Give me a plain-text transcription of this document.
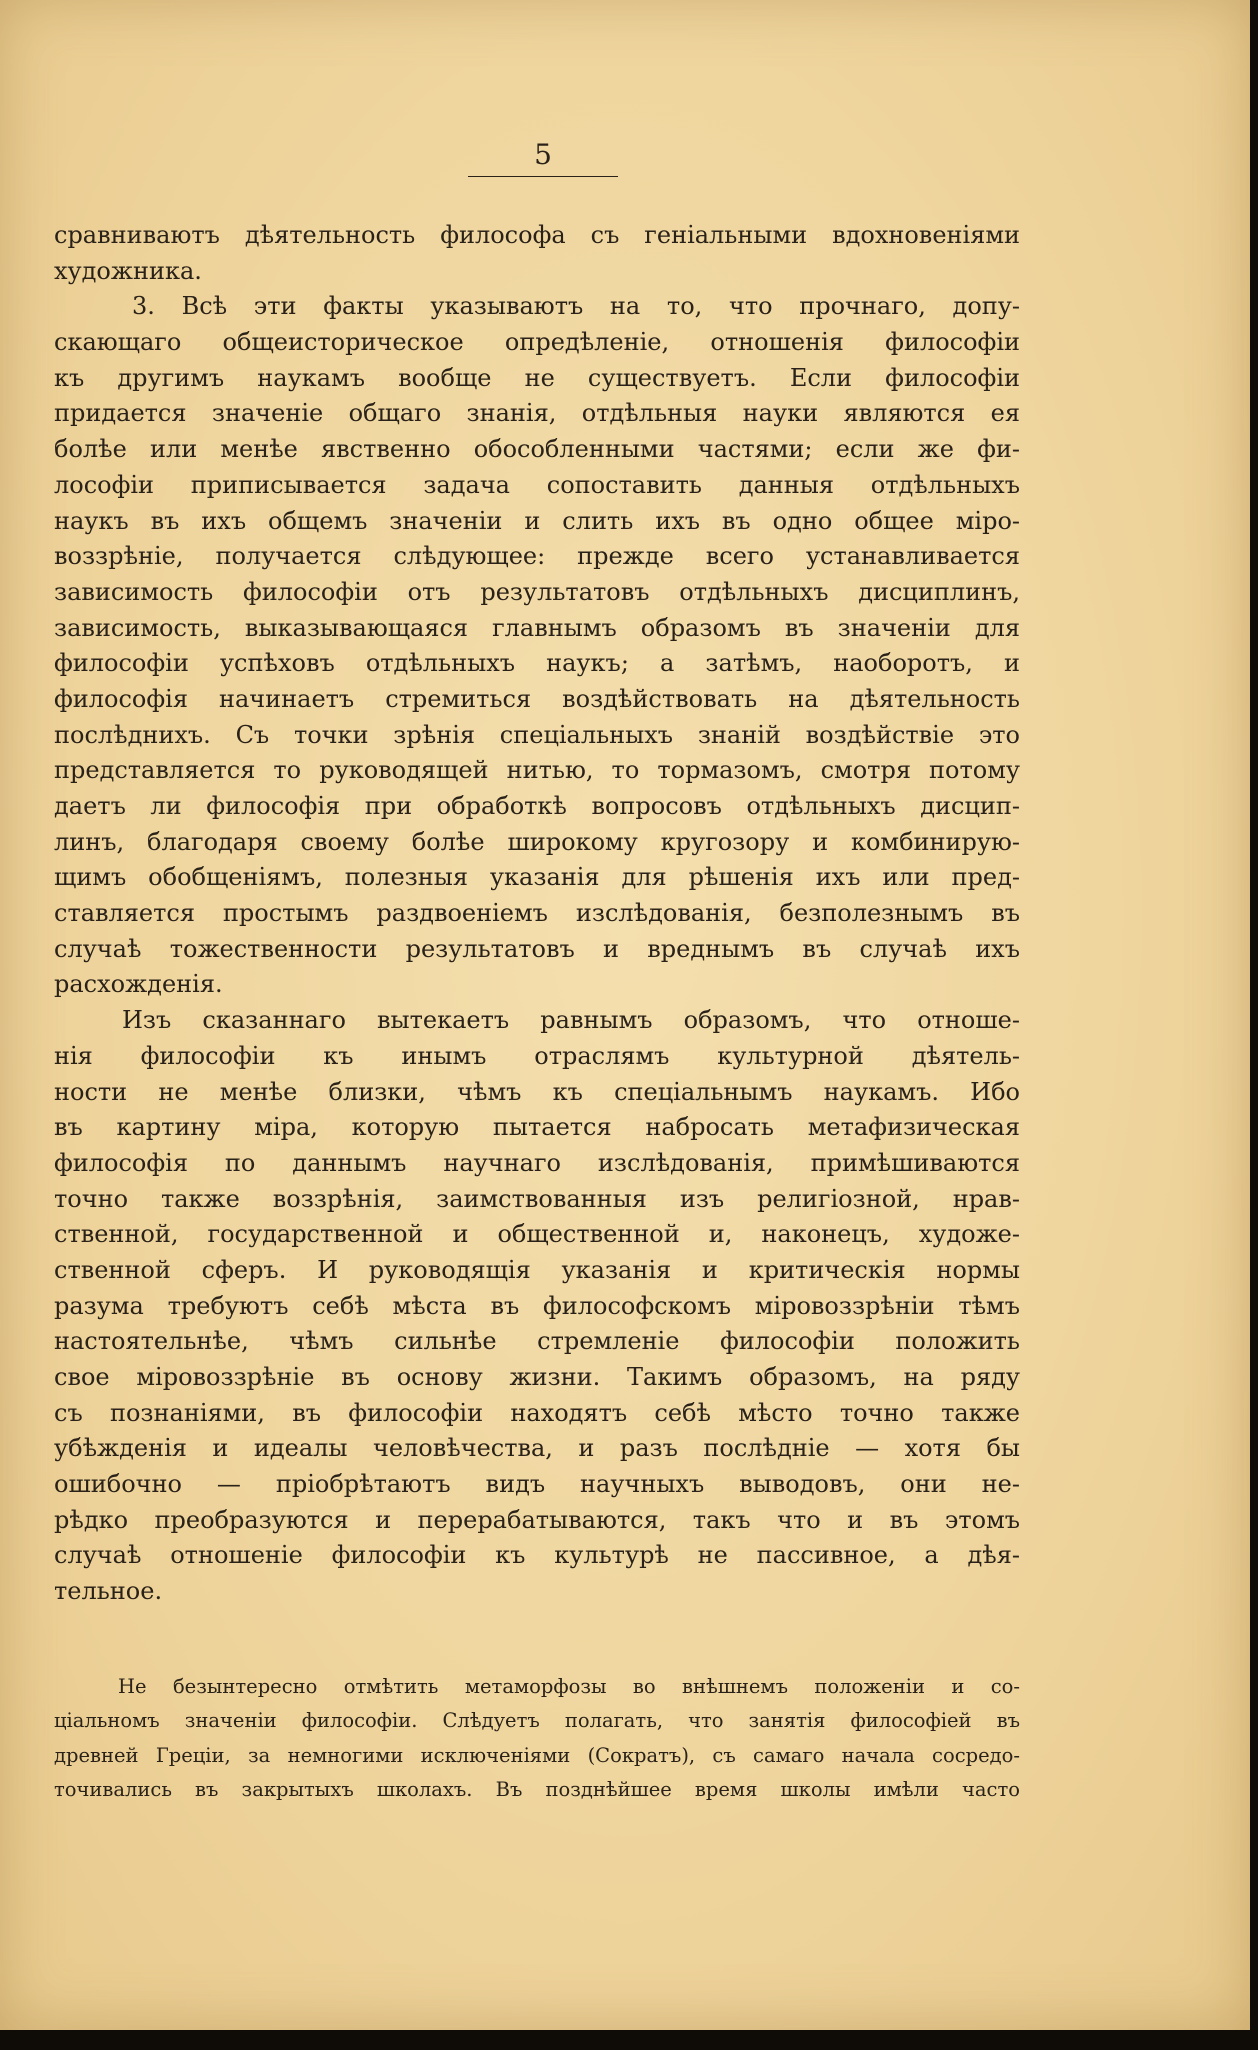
5
сравниваютъ дѣятельность философа съ геніальными вдохновеніями
художника.
3. Всѣ эти факты указываютъ на то, что прочнаго, допу-
скающаго общеисторическое опредѣленіе, отношенія философіи
къ другимъ наукамъ вообще не существуетъ. Если философіи
придается значеніе общаго знанія, отдѣльныя науки являются ея
болѣе или менѣе явственно обособленными частями; если же фи-
лософіи приписывается задача сопоставить данныя отдѣльныхъ
наукъ въ ихъ общемъ значеніи и слить ихъ въ одно общее міро-
воззрѣніе, получается слѣдующее: прежде всего устанавливается
зависимость философіи отъ результатовъ отдѣльныхъ дисциплинъ,
зависимость, выказывающаяся главнымъ образомъ въ значеніи для
философіи успѣховъ отдѣльныхъ наукъ; а затѣмъ, наоборотъ, и
философія начинаетъ стремиться воздѣйствовать на дѣятельность
послѣднихъ. Съ точки зрѣнія спеціальныхъ знаній воздѣйствіе это
представляется то руководящей нитью, то тормазомъ, смотря потому
даетъ ли философія при обработкѣ вопросовъ отдѣльныхъ дисцип-
линъ, благодаря своему болѣе широкому кругозору и комбинирую-
щимъ обобщеніямъ, полезныя указанія для рѣшенія ихъ или пред-
ставляется простымъ раздвоеніемъ изслѣдованія, безполезнымъ въ
случаѣ тожественности результатовъ и вреднымъ въ случаѣ ихъ
расхожденія.
Изъ сказаннаго вытекаетъ равнымъ образомъ, что отноше-
нія философіи къ инымъ отраслямъ культурной дѣятель-
ности не менѣе близки, чѣмъ къ спеціальнымъ наукамъ. Ибо
въ картину міра, которую пытается набросать метафизическая
философія по даннымъ научнаго изслѣдованія, примѣшиваются
точно также воззрѣнія, заимствованныя изъ религіозной, нрав-
ственной, государственной и общественной и, наконецъ, художе-
ственной сферъ. И руководящія указанія и критическія нормы
разума требуютъ себѣ мѣста въ философскомъ міровоззрѣніи тѣмъ
настоятельнѣе, чѣмъ сильнѣе стремленіе философіи положить
свое міровоззрѣніе въ основу жизни. Такимъ образомъ, на ряду
съ познаніями, въ философіи находятъ себѣ мѣсто точно также
убѣжденія и идеалы человѣчества, и разъ послѣдніе — хотя бы
ошибочно — пріобрѣтаютъ видъ научныхъ выводовъ, они не-
рѣдко преобразуются и перерабатываются, такъ что и въ этомъ
случаѣ отношеніе философіи къ культурѣ не пассивное, а дѣя-
тельное.
Не безынтересно отмѣтить метаморфозы во внѣшнемъ положеніи и со-
ціальномъ значеніи философіи. Слѣдуетъ полагать, что занятія философіей въ
древней Греціи, за немногими исключеніями (Сократъ), съ самаго начала сосредо-
точивались въ закрытыхъ школахъ. Въ позднѣйшее время школы имѣли часто
